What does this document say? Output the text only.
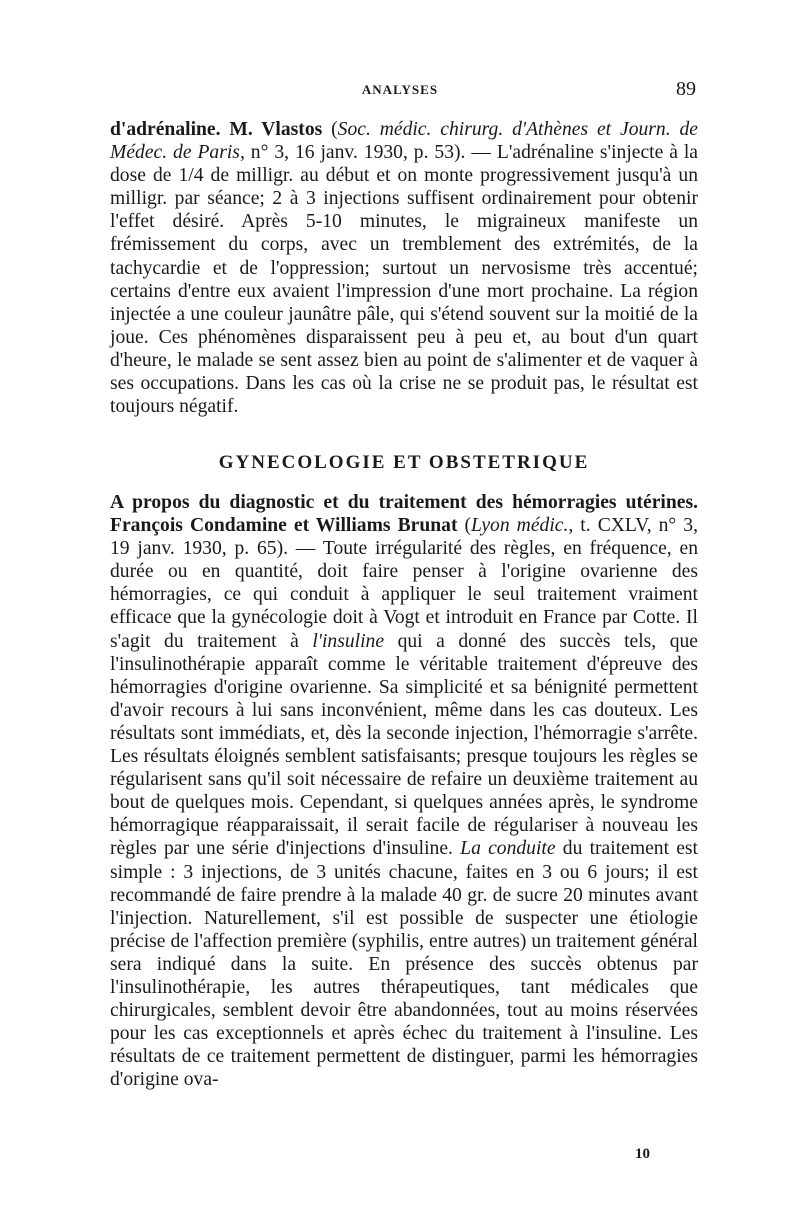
ANALYSES	89

d'adrénaline. M. Vlastos (Soc. médic. chirurg. d'Athènes et Journ. de Médec. de Paris, n° 3, 16 janv. 1930, p. 53). — L'adrénaline s'injecte à la dose de 1/4 de milligr. au début et on monte progressivement jusqu'à un milligr. par séance; 2 à 3 injections suffisent ordinairement pour obtenir l'effet désiré. Après 5-10 minutes, le migraineux manifeste un frémissement du corps, avec un tremblement des extrémités, de la tachycardie et de l'oppression; surtout un nervosisme très accentué; certains d'entre eux avaient l'impression d'une mort prochaine. La région injectée a une couleur jaunâtre pâle, qui s'étend souvent sur la moitié de la joue. Ces phénomènes disparaissent peu à peu et, au bout d'un quart d'heure, le malade se sent assez bien au point de s'alimenter et de vaquer à ses occupations. Dans les cas où la crise ne se produit pas, le résultat est toujours négatif.

GYNECOLOGIE ET OBSTETRIQUE

A propos du diagnostic et du traitement des hémorragies utérines. François Condamine et Williams Brunat (Lyon médic., t. CXLV, n° 3, 19 janv. 1930, p. 65). — Toute irrégularité des règles, en fréquence, en durée ou en quantité, doit faire penser à l'origine ovarienne des hémorragies, ce qui conduit à appliquer le seul traitement vraiment efficace que la gynécologie doit à Vogt et introduit en France par Cotte. Il s'agit du traitement à l'insuline qui a donné des succès tels, que l'insulinothérapie apparaît comme le véritable traitement d'épreuve des hémorragies d'origine ovarienne. Sa simplicité et sa bénignité permettent d'avoir recours à lui sans inconvénient, même dans les cas douteux. Les résultats sont immédiats, et, dès la seconde injection, l'hémorragie s'arrête. Les résultats éloignés semblent satisfaisants; presque toujours les règles se régularisent sans qu'il soit nécessaire de refaire un deuxième traitement au bout de quelques mois. Cependant, si quelques années après, le syndrome hémorragique réapparaissait, il serait facile de régulariser à nouveau les règles par une série d'injections d'insuline. La conduite du traitement est simple : 3 injections, de 3 unités chacune, faites en 3 ou 6 jours; il est recommandé de faire prendre à la malade 40 gr. de sucre 20 minutes avant l'injection. Naturellement, s'il est possible de suspecter une étiologie précise de l'affection première (syphilis, entre autres) un traitement général sera indiqué dans la suite. En présence des succès obtenus par l'insulinothérapie, les autres thérapeutiques, tant médicales que chirurgicales, semblent devoir être abandonnées, tout au moins réservées pour les cas exceptionnels et après échec du traitement à l'insuline. Les résultats de ce traitement permettent de distinguer, parmi les hémorragies d'origine ova-

10
